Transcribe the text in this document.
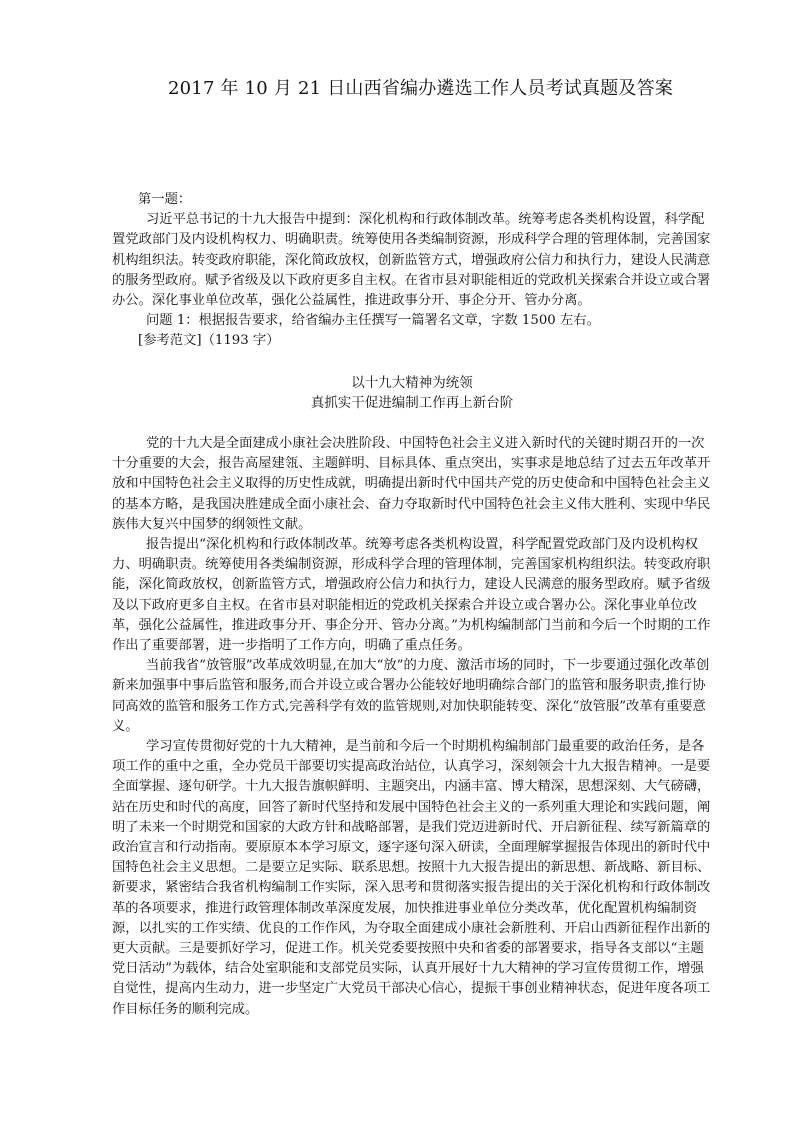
2017 年 10 月 21 日山西省编办遴选工作人员考试真题及答案

第一题：

习近平总书记的十九大报告中提到：深化机构和行政体制改革。统筹考虑各类机构设置，科学配置党政部门及内设机构权力、明确职责。统筹使用各类编制资源，形成科学合理的管理体制，完善国家机构组织法。转变政府职能，深化简政放权，创新监管方式，增强政府公信力和执行力，建设人民满意的服务型政府。赋予省级及以下政府更多自主权。在省市县对职能相近的党政机关探索合并设立或合署办公。深化事业单位改革，强化公益属性，推进政事分开、事企分开、管办分离。

问题 1：根据报告要求，给省编办主任撰写一篇署名文章，字数 1500 左右。

[参考范文]（1193 字）

以十九大精神为统领
真抓实干促进编制工作再上新台阶

党的十九大是全面建成小康社会决胜阶段、中国特色社会主义进入新时代的关键时期召开的一次十分重要的大会，报告高屋建瓴、主题鲜明、目标具体、重点突出，实事求是地总结了过去五年改革开放和中国特色社会主义取得的历史性成就，明确提出新时代中国共产党的历史使命和中国特色社会主义的基本方略，是我国决胜建成全面小康社会、奋力夺取新时代中国特色社会主义伟大胜利、实现中华民族伟大复兴中国梦的纲领性文献。

报告提出“深化机构和行政体制改革。统筹考虑各类机构设置，科学配置党政部门及内设机构权力、明确职责。统筹使用各类编制资源，形成科学合理的管理体制，完善国家机构组织法。转变政府职能，深化简政放权，创新监管方式，增强政府公信力和执行力，建设人民满意的服务型政府。赋予省级及以下政府更多自主权。在省市县对职能相近的党政机关探索合并设立或合署办公。深化事业单位改革，强化公益属性，推进政事分开、事企分开、管办分离。”为机构编制部门当前和今后一个时期的工作作出了重要部署，进一步指明了工作方向，明确了重点任务。

当前我省“放管服”改革成效明显,在加大“放”的力度、激活市场的同时，下一步要通过强化改革创新来加强事中事后监管和服务,而合并设立或合署办公能较好地明确综合部门的监管和服务职责,推行协同高效的监管和服务工作方式,完善科学有效的监管规则,对加快职能转变、深化“放管服”改革有重要意义。

学习宣传贯彻好党的十九大精神，是当前和今后一个时期机构编制部门最重要的政治任务，是各项工作的重中之重，全办党员干部要切实提高政治站位，认真学习，深刻领会十九大报告精神。一是要全面掌握、逐句研学。十九大报告旗帜鲜明、主题突出，内涵丰富、博大精深，思想深刻、大气磅礴，站在历史和时代的高度，回答了新时代坚持和发展中国特色社会主义的一系列重大理论和实践问题，阐明了未来一个时期党和国家的大政方针和战略部署，是我们党迈进新时代、开启新征程、续写新篇章的政治宣言和行动指南。要原原本本学习原文，逐字逐句深入研读，全面理解掌握报告体现出的新时代中国特色社会主义思想。二是要立足实际、联系思想。按照十九大报告提出的新思想、新战略、新目标、新要求，紧密结合我省机构编制工作实际，深入思考和贯彻落实报告提出的关于深化机构和行政体制改革的各项要求，推进行政管理体制改革深度发展，加快推进事业单位分类改革，优化配置机构编制资源，以扎实的工作实绩、优良的工作作风，为夺取全面建成小康社会新胜利、开启山西新征程作出新的更大贡献。三是要抓好学习，促进工作。机关党委要按照中央和省委的部署要求，指导各支部以“主题党日活动”为载体，结合处室职能和支部党员实际，认真开展好十九大精神的学习宣传贯彻工作，增强自觉性，提高内生动力，进一步坚定广大党员干部决心信心，提振干事创业精神状态，促进年度各项工作目标任务的顺利完成。
